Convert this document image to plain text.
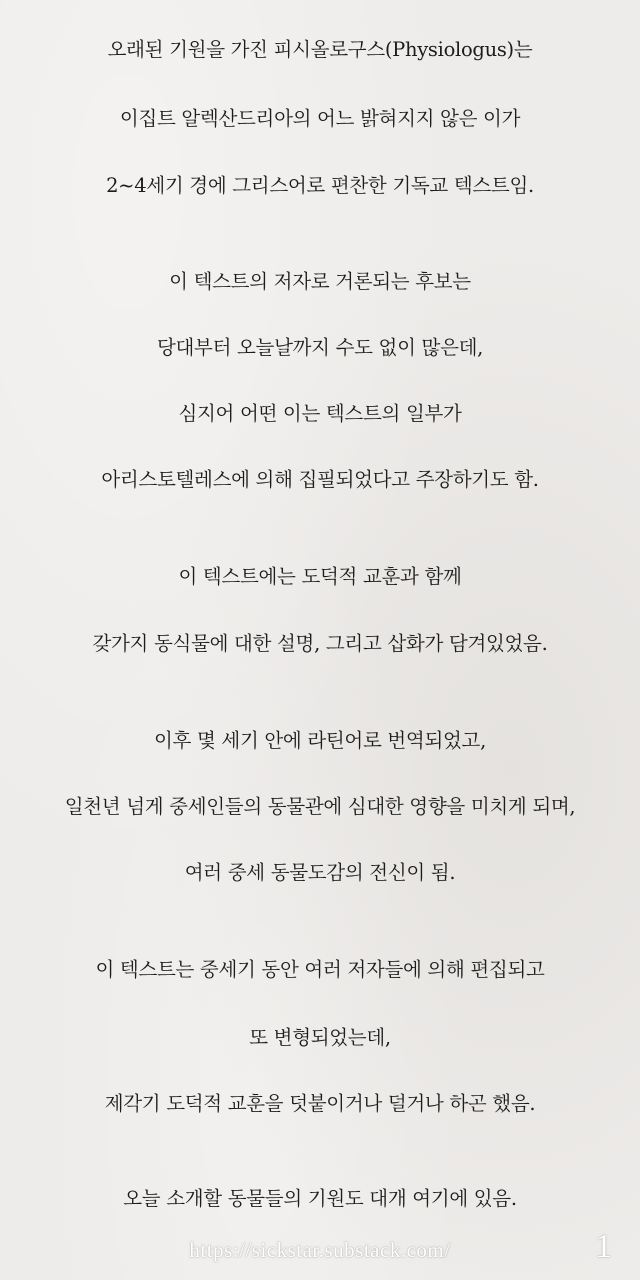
오래된 기원을 가진 피시올로구스(Physiologus)는
이집트 알렉산드리아의 어느 밝혀지지 않은 이가
2~4세기 경에 그리스어로 편찬한 기독교 텍스트임.
이 텍스트의 저자로 거론되는 후보는
당대부터 오늘날까지 수도 없이 많은데,
심지어 어떤 이는 텍스트의 일부가
아리스토텔레스에 의해 집필되었다고 주장하기도 함.
이 텍스트에는 도덕적 교훈과 함께
갖가지 동식물에 대한 설명, 그리고 삽화가 담겨있었음.
이후 몇 세기 안에 라틴어로 번역되었고,
일천년 넘게 중세인들의 동물관에 심대한 영향을 미치게 되며,
여러 중세 동물도감의 전신이 됨.
이 텍스트는 중세기 동안 여러 저자들에 의해 편집되고
또 변형되었는데,
제각기 도덕적 교훈을 덧붙이거나 덜거나 하곤 했음.
오늘 소개할 동물들의 기원도 대개 여기에 있음.
https://sickstar.substack.com/	1
